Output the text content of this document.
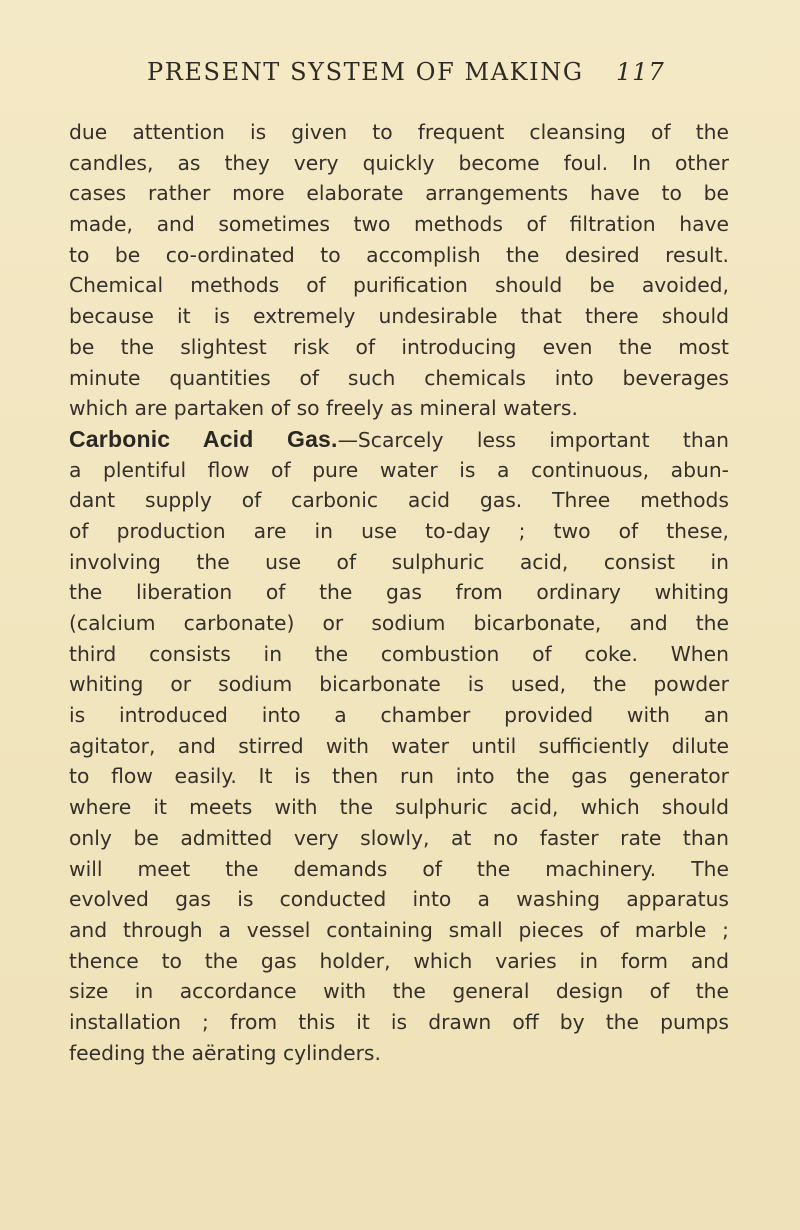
PRESENT SYSTEM OF MAKING 117
due attention is given to frequent cleansing of the
candles, as they very quickly become foul. In other
cases rather more elaborate arrangements have to be
made, and sometimes two methods of filtration have
to be co-ordinated to accomplish the desired result.
Chemical methods of purification should be avoided,
because it is extremely undesirable that there should
be the slightest risk of introducing even the most
minute quantities of such chemicals into beverages
which are partaken of so freely as mineral waters.
Carbonic Acid Gas.—Scarcely less important than
a plentiful flow of pure water is a continuous, abun-
dant supply of carbonic acid gas. Three methods
of production are in use to-day ; two of these,
involving the use of sulphuric acid, consist in
the liberation of the gas from ordinary whiting
(calcium carbonate) or sodium bicarbonate, and the
third consists in the combustion of coke. When
whiting or sodium bicarbonate is used, the powder
is introduced into a chamber provided with an
agitator, and stirred with water until sufficiently dilute
to flow easily. It is then run into the gas generator
where it meets with the sulphuric acid, which should
only be admitted very slowly, at no faster rate than
will meet the demands of the machinery. The
evolved gas is conducted into a washing apparatus
and through a vessel containing small pieces of marble ;
thence to the gas holder, which varies in form and
size in accordance with the general design of the
installation ; from this it is drawn off by the pumps
feeding the aërating cylinders.
